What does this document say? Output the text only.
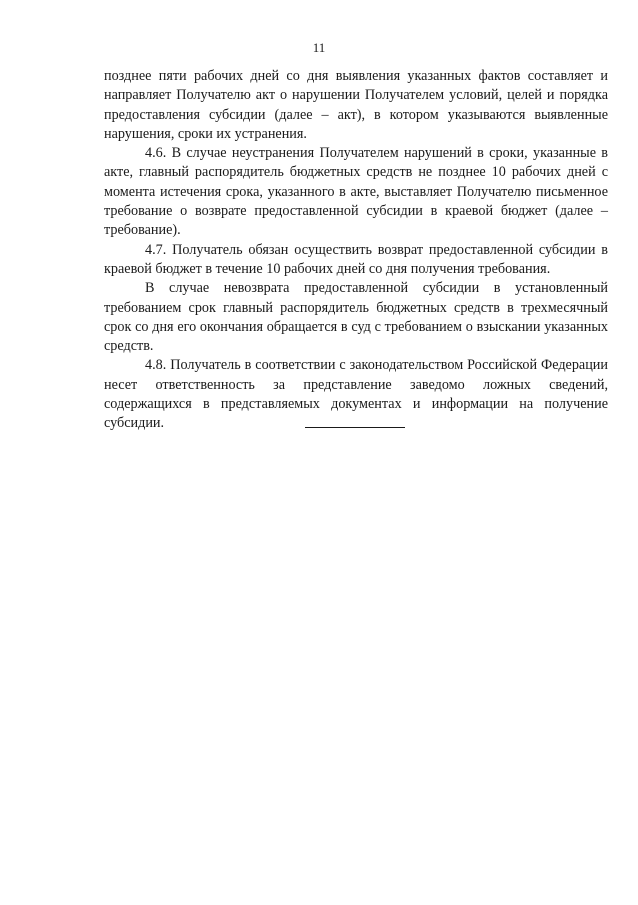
11

позднее пяти рабочих дней со дня выявления указанных фактов составляет и направляет Получателю акт о нарушении Получателем условий, целей и порядка предоставления субсидии (далее – акт), в котором указываются выявленные нарушения, сроки их устранения.

4.6. В случае неустранения Получателем нарушений в сроки, указанные в акте, главный распорядитель бюджетных средств не позднее 10 рабочих дней с момента истечения срока, указанного в акте, выставляет Получателю письменное требование о возврате предоставленной субсидии в краевой бюджет (далее – требование).

4.7. Получатель обязан осуществить возврат предоставленной субсидии в краевой бюджет в течение 10 рабочих дней со дня получения требования.

В случае невозврата предоставленной субсидии в установленный требованием срок главный распорядитель бюджетных средств в трехмесячный срок со дня его окончания обращается в суд с требованием о взыскании указанных средств.

4.8. Получатель в соответствии с законодательством Российской Федерации несет ответственность за представление заведомо ложных сведений, содержащихся в представляемых документах и информации на получение субсидии.
